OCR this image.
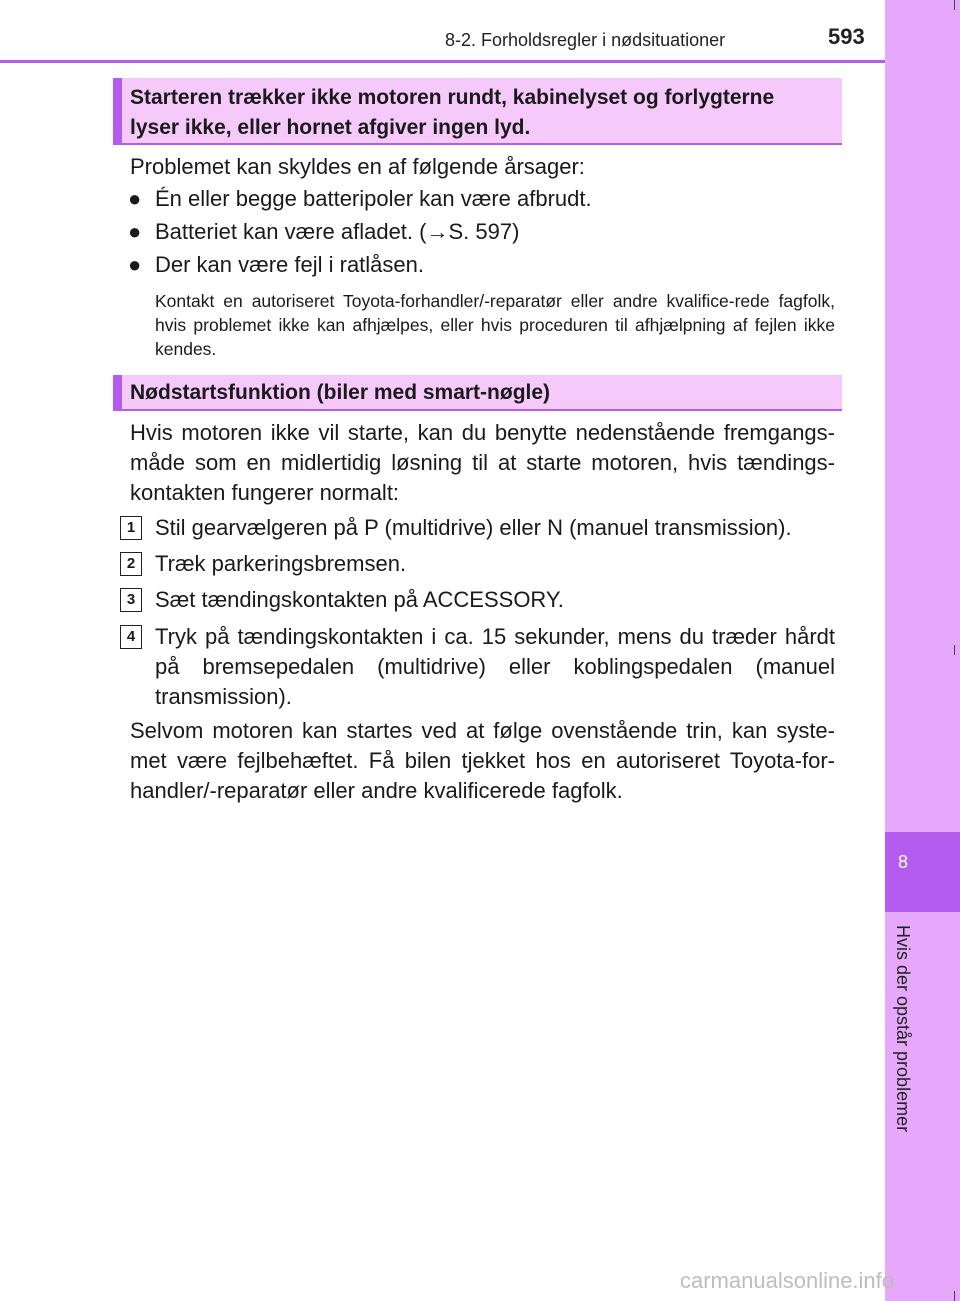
8-2. Forholdsregler i nødsituationer	593
8
Hvis der opstår problemer
Starteren trækker ikke motoren rundt, kabinelyset og forlygterne
lyser ikke, eller hornet afgiver ingen lyd.
Problemet kan skyldes en af følgende årsager:
● Én eller begge batteripoler kan være afbrudt.
● Batteriet kan være afladet. (→S. 597)
● Der kan være fejl i ratlåsen.
Kontakt en autoriseret Toyota-forhandler/-reparatør eller andre kvalifice-rede fagfolk, hvis problemet ikke kan afhjælpes, eller hvis proceduren til afhjælpning af fejlen ikke kendes.
Nødstartsfunktion (biler med smart-nøgle)
Hvis motoren ikke vil starte, kan du benytte nedenstående fremgangs-måde som en midlertidig løsning til at starte motoren, hvis tændings-kontakten fungerer normalt:
1 Stil gearvælgeren på P (multidrive) eller N (manuel transmission).
2 Træk parkeringsbremsen.
3 Sæt tændingskontakten på ACCESSORY.
4 Tryk på tændingskontakten i ca. 15 sekunder, mens du træder hårdt på bremsepedalen (multidrive) eller koblingspedalen (manuel transmission).
Selvom motoren kan startes ved at følge ovenstående trin, kan syste-met være fejlbehæftet. Få bilen tjekket hos en autoriseret Toyota-for-handler/-reparatør eller andre kvalificerede fagfolk.
carmanualsonline.info
